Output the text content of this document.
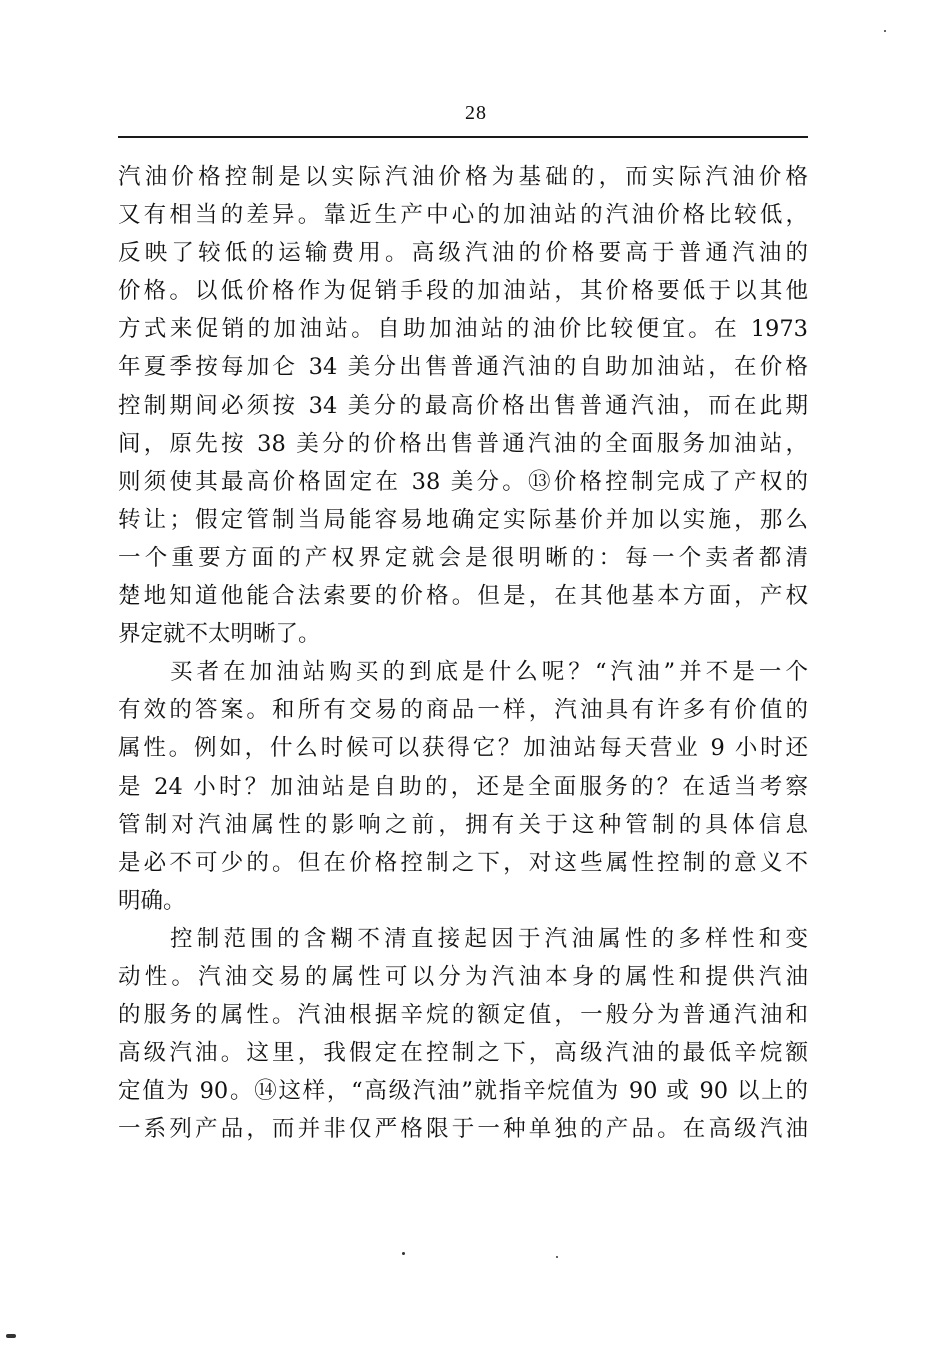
28
汽油价格控制是以实际汽油价格为基础的，而实际汽油价格
又有相当的差异。靠近生产中心的加油站的汽油价格比较低，
反映了较低的运输费用。高级汽油的价格要高于普通汽油的
价格。以低价格作为促销手段的加油站，其价格要低于以其他
方式来促销的加油站。自助加油站的油价比较便宜。在 1973
年夏季按每加仑 34 美分出售普通汽油的自助加油站，在价格
控制期间必须按 34 美分的最高价格出售普通汽油，而在此期
间，原先按 38 美分的价格出售普通汽油的全面服务加油站，
则须使其最高价格固定在 38 美分。⑬价格控制完成了产权的
转让；假定管制当局能容易地确定实际基价并加以实施，那么
一个重要方面的产权界定就会是很明晰的：每一个卖者都清
楚地知道他能合法索要的价格。但是，在其他基本方面，产权
界定就不太明晰了。
买者在加油站购买的到底是什么呢？“汽油”并不是一个
有效的答案。和所有交易的商品一样，汽油具有许多有价值的
属性。例如，什么时候可以获得它？加油站每天营业 9 小时还
是 24 小时？加油站是自助的，还是全面服务的？在适当考察
管制对汽油属性的影响之前，拥有关于这种管制的具体信息
是必不可少的。但在价格控制之下，对这些属性控制的意义不
明确。
控制范围的含糊不清直接起因于汽油属性的多样性和变
动性。汽油交易的属性可以分为汽油本身的属性和提供汽油
的服务的属性。汽油根据辛烷的额定值，一般分为普通汽油和
高级汽油。这里，我假定在控制之下，高级汽油的最低辛烷额
定值为 90。⑭这样，“高级汽油”就指辛烷值为 90 或 90 以上的
一系列产品，而并非仅严格限于一种单独的产品。在高级汽油
